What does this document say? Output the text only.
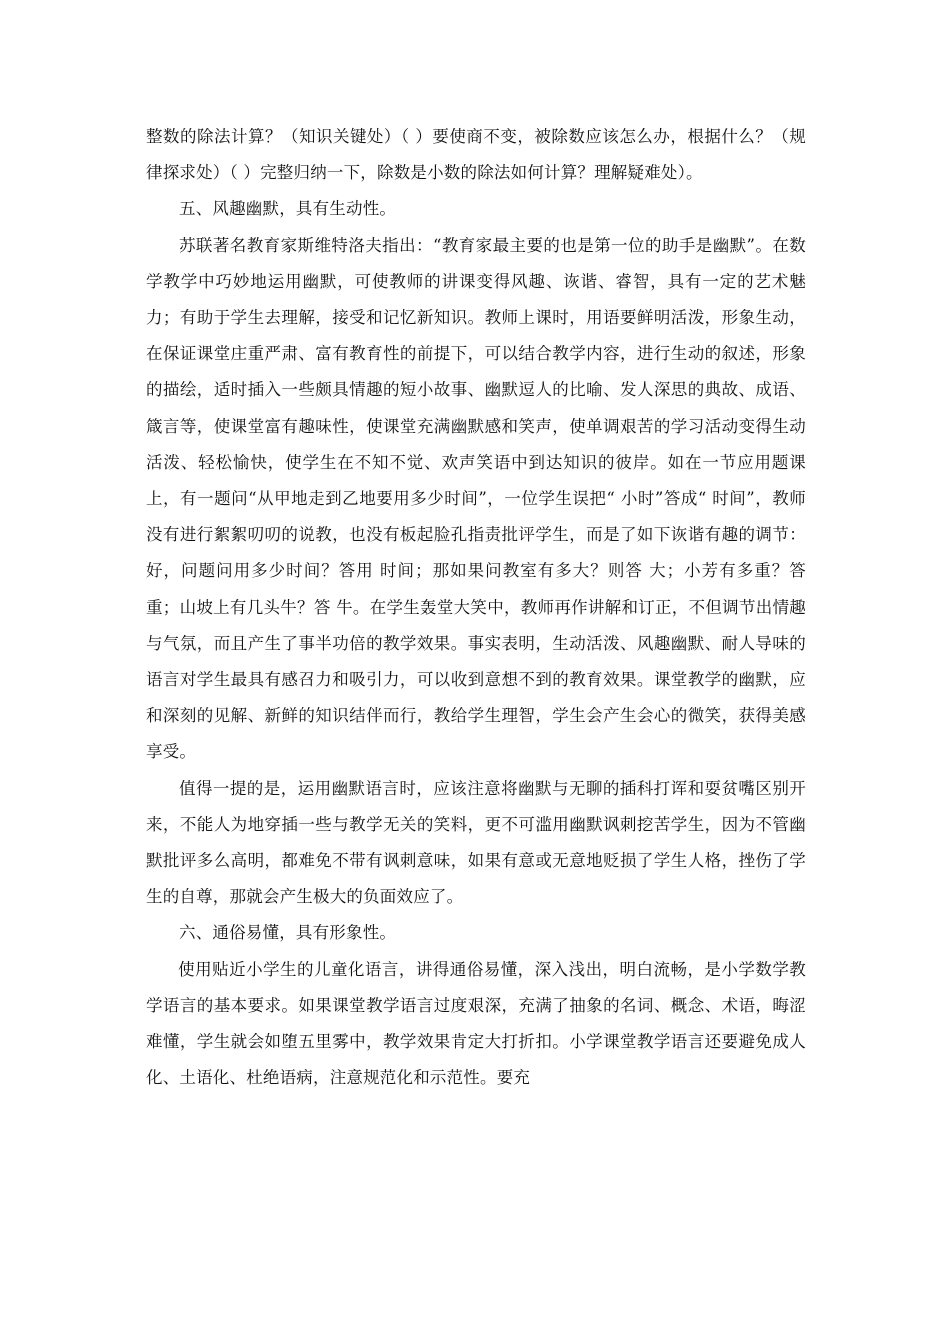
整数的除法计算？（知识关键处）（ ）要使商不变，被除数应该怎么办，根据什么？（规律探求处）（ ）完整归纳一下，除数是小数的除法如何计算？理解疑难处）。

五、风趣幽默，具有生动性。

苏联著名教育家斯维特洛夫指出：“教育家最主要的也是第一位的助手是幽默”。在数学教学中巧妙地运用幽默，可使教师的讲课变得风趣、诙谐、睿智，具有一定的艺术魅力；有助于学生去理解，接受和记忆新知识。教师上课时，用语要鲜明活泼，形象生动，在保证课堂庄重严肃、富有教育性的前提下，可以结合教学内容，进行生动的叙述，形象的描绘，适时插入一些颇具情趣的短小故事、幽默逗人的比喻、发人深思的典故、成语、箴言等，使课堂富有趣味性，使课堂充满幽默感和笑声，使单调艰苦的学习活动变得生动活泼、轻松愉快，使学生在不知不觉、欢声笑语中到达知识的彼岸。如在一节应用题课上，有一题问“从甲地走到乙地要用多少时间”，一位学生误把“ 小时”答成“ 时间”，教师没有进行絮絮叨叨的说教，也没有板起脸孔指责批评学生，而是了如下诙谐有趣的调节：好，问题问用多少时间？答用 时间；那如果问教室有多大？则答 大；小芳有多重？答 重；山坡上有几头牛？答 牛。在学生轰堂大笑中，教师再作讲解和订正，不但调节出情趣与气氛，而且产生了事半功倍的教学效果。事实表明，生动活泼、风趣幽默、耐人导味的语言对学生最具有感召力和吸引力，可以收到意想不到的教育效果。课堂教学的幽默，应和深刻的见解、新鲜的知识结伴而行，教给学生理智，学生会产生会心的微笑，获得美感享受。

值得一提的是，运用幽默语言时，应该注意将幽默与无聊的插科打诨和耍贫嘴区别开来，不能人为地穿插一些与教学无关的笑料，更不可滥用幽默讽刺挖苦学生，因为不管幽默批评多么高明，都难免不带有讽刺意味，如果有意或无意地贬损了学生人格，挫伤了学生的自尊，那就会产生极大的负面效应了。

六、通俗易懂，具有形象性。

使用贴近小学生的儿童化语言，讲得通俗易懂，深入浅出，明白流畅，是小学数学教学语言的基本要求。如果课堂教学语言过度艰深，充满了抽象的名词、概念、术语，晦涩难懂，学生就会如堕五里雾中，教学效果肯定大打折扣。小学课堂教学语言还要避免成人化、土语化、杜绝语病，注意规范化和示范性。要充
